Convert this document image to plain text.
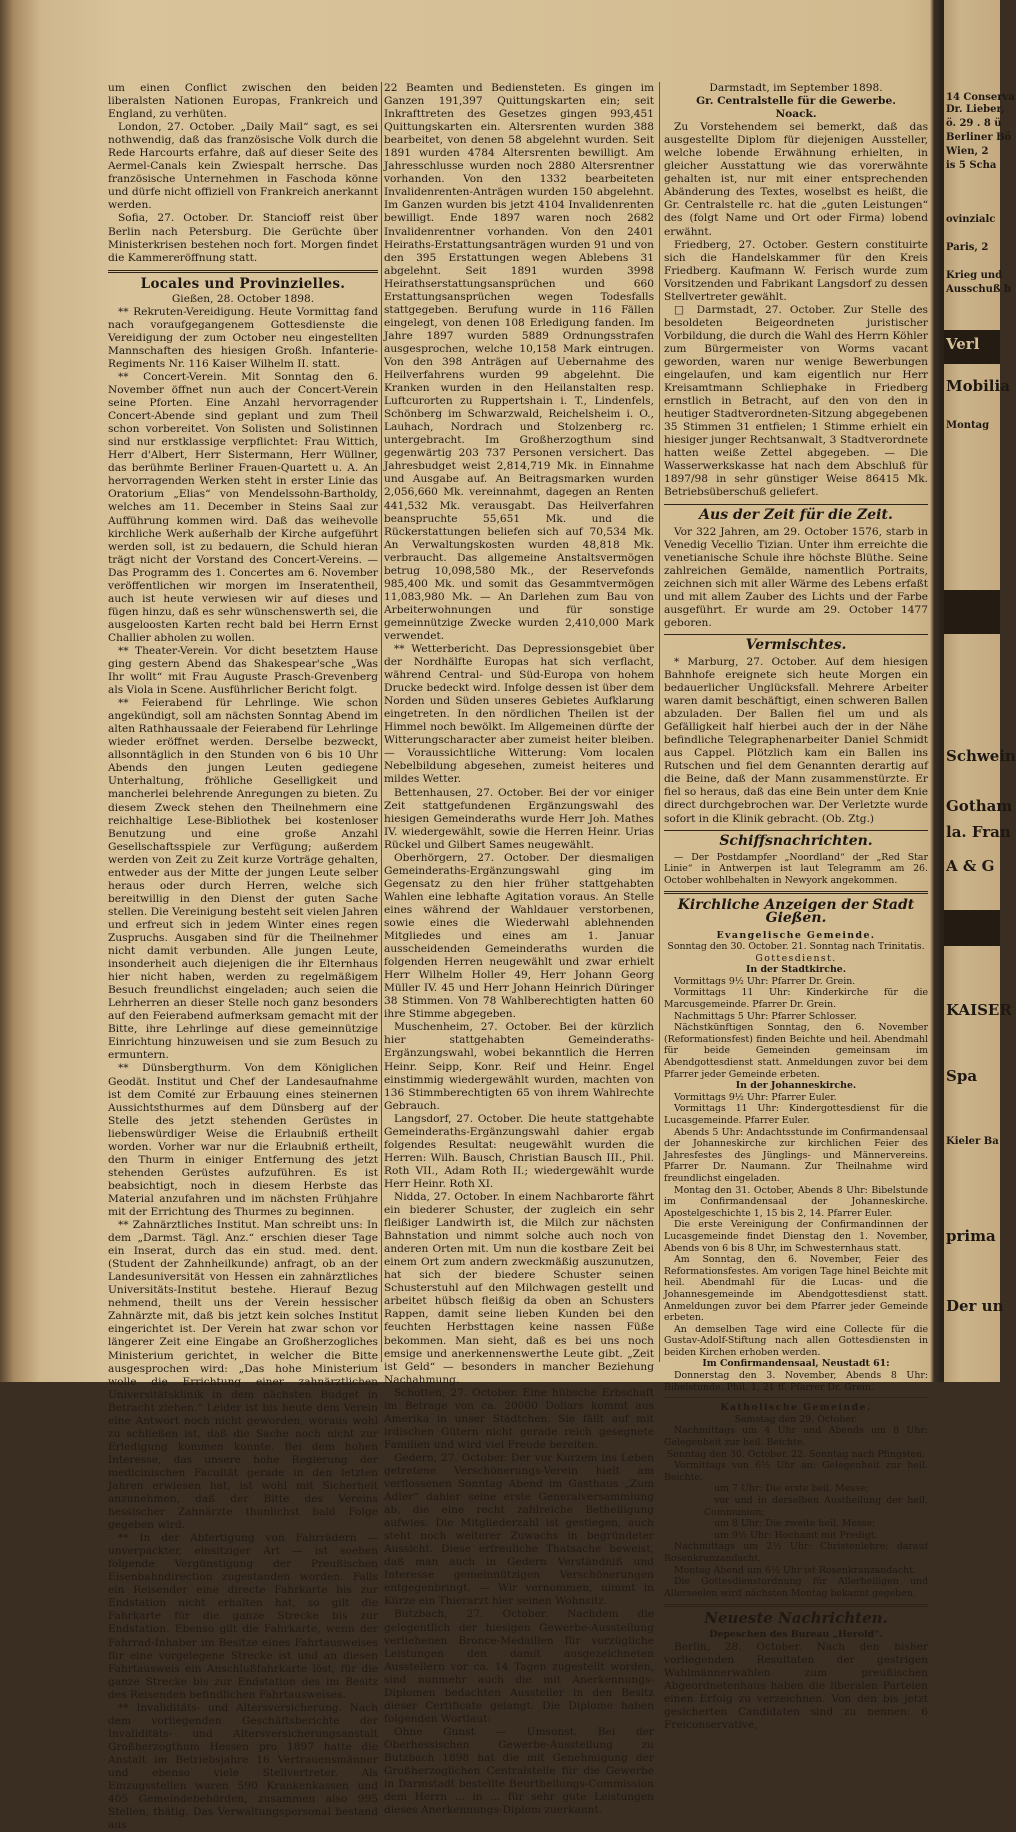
um einen Conflict zwischen den beiden liberalsten Nationen Europas, Frankreich und England, zu verhüten.

London, 27. October. „Daily Mail“ sagt, es sei nothwendig, daß das französische Volk durch die Rede Harcourts erfahre, daß auf dieser Seite des Aermel-Canals kein Zwiespalt herrsche. Das französische Unternehmen in Faschoda könne und dürfe nicht offiziell von Frankreich anerkannt werden.

Sofia, 27. October. Dr. Stancioff reist über Berlin nach Petersburg. Die Gerüchte über Ministerkrisen bestehen noch fort. Morgen findet die Kammereröffnung statt.

Locales und Provinzielles.

Gießen, 28. October 1898.

** Rekruten-Vereidigung. Heute Vormittag fand nach voraufgegangenem Gottesdienste die Vereidigung der zum October neu eingestellten Mannschaften des hiesigen Großh. Infanterie-Regiments Nr. 116 Kaiser Wilhelm II. statt.

** Concert-Verein. Mit Sonntag den 6. November öffnet nun auch der Concert-Verein seine Pforten. Eine Anzahl hervorragender Concert-Abende sind geplant und zum Theil schon vorbereitet. Von Solisten und Solistinnen sind nur erstklassige verpflichtet: Frau Wittich, Herr d'Albert, Herr Sistermann, Herr Wüllner, das berühmte Berliner Frauen-Quartett u. A. An hervorragenden Werken steht in erster Linie das Oratorium „Elias“ von Mendelssohn-Bartholdy, welches am 11. December in Steins Saal zur Aufführung kommen wird. Daß das weihevolle kirchliche Werk außerhalb der Kirche aufgeführt werden soll, ist zu bedauern, die Schuld hieran trägt nicht der Vorstand des Concert-Vereins. — Das Programm des 1. Concertes am 6. November veröffentlichen wir morgen im Inseratentheil, auch ist heute verwiesen wir auf dieses und fügen hinzu, daß es sehr wünschenswerth sei, die ausgeloosten Karten recht bald bei Herrn Ernst Challier abholen zu wollen.

** Theater-Verein. Vor dicht besetztem Hause ging gestern Abend das Shakespear'sche „Was Ihr wollt“ mit Frau Auguste Prasch-Grevenberg als Viola in Scene. Ausführlicher Bericht folgt.

** Feierabend für Lehrlinge. Wie schon angekündigt, soll am nächsten Sonntag Abend im alten Rathhaussaale der Feierabend für Lehrlinge wieder eröffnet werden. Derselbe bezweckt, allsonntäglich in den Stunden von 6 bis 10 Uhr Abends den jungen Leuten gediegene Unterhaltung, fröhliche Geselligkeit und mancherlei belehrende Anregungen zu bieten. Zu diesem Zweck stehen den Theilnehmern eine reichhaltige Lese-Bibliothek bei kostenloser Benutzung und eine große Anzahl Gesellschaftsspiele zur Verfügung; außerdem werden von Zeit zu Zeit kurze Vorträge gehalten, entweder aus der Mitte der jungen Leute selber heraus oder durch Herren, welche sich bereitwillig in den Dienst der guten Sache stellen. Die Vereinigung besteht seit vielen Jahren und erfreut sich in jedem Winter eines regen Zuspruchs. Ausgaben sind für die Theilnehmer nicht damit verbunden. Alle jungen Leute, insonderheit auch diejenigen die ihr Elternhaus hier nicht haben, werden zu regelmäßigem Besuch freundlichst eingeladen; auch seien die Lehrherren an dieser Stelle noch ganz besonders auf den Feierabend aufmerksam gemacht mit der Bitte, ihre Lehrlinge auf diese gemeinnützige Einrichtung hinzuweisen und sie zum Besuch zu ermuntern.

** Dünsbergthurm. Von dem Königlichen Geodät. Institut und Chef der Landesaufnahme ist dem Comité zur Erbauung eines steinernen Aussichtsthurmes auf dem Dünsberg auf der Stelle des jetzt stehenden Gerüstes in liebenswürdiger Weise die Erlaubniß ertheilt worden. Vorher war nur die Erlaubniß ertheilt, den Thurm in einiger Entfernung des jetzt stehenden Gerüstes aufzuführen. Es ist beabsichtigt, noch in diesem Herbste das Material anzufahren und im nächsten Frühjahre mit der Errichtung des Thurmes zu beginnen.

** Zahnärztliches Institut. Man schreibt uns: In dem „Darmst. Tägl. Anz.“ erschien dieser Tage ein Inserat, durch das ein stud. med. dent. (Student der Zahnheilkunde) anfragt, ob an der Landesuniversität von Hessen ein zahnärztliches Universitäts-Institut bestehe. Hierauf Bezug nehmend, theilt uns der Verein hessischer Zahnärzte mit, daß bis jetzt kein solches Institut eingerichtet ist. Der Verein hat zwar schon vor längerer Zeit eine Eingabe an Großherzogliches Ministerium gerichtet, in welcher die Bitte ausgesprochen wird: „Das hohe Ministerium wolle die Errichtung einer zahnärztlichen Universitätsklinik in dem nächsten Budget in Betracht ziehen.“ Leider ist bis heute dem Verein eine Antwort noch nicht geworden, woraus wohl zu schließen ist, daß die Sache noch nicht zur Erledigung kommen konnte. Bei dem hohen Interesse, das unsere hohe Regierung der medicinischen Facultät gerade in den letzten Jahren erwiesen hat, ist wohl mit Sicherheit anzunehmen, daß der Bitte des Vereins hessischer Zahnärzte thunlichst bald Folge gegeben wird.

** In der Abfertigung von Fahrrädern — unverpackter, einsitziger Art — ist soeben folgende Vergünstigung der Preußischen Eisenbahndirection zugestanden worden. Falls ein Reisender eine directe Fahrkarte bis zur Endstation nicht erhalten hat, so gilt die Fahrkarte für die ganze Strecke bis zur Endstation. Ebenso gilt die Fahrkarte, wenn der Fahrrad-Inhaber im Besitze eines Fahrtausweises für eine vorgelegene Strecke ist und an diesen Fahrtausweis ein Anschlußfahrkarte löst, für die ganze Strecke bis zur Endstation des im Besitz des Reisenden befindlichen Fahrtausweises.

** Invaliditäts- und Altersversicherung. Nach dem vorliegenden Geschäftsberichte der Invaliditäts- und Altersversicherungsanstalt Großherzogthum Hessen pro 1897 hatte die Anstalt im Betriebsjahre 16 Vertrauensmänner und ebenso viele Stellvertreter. Als Einzugsstellen waren 590 Krankenkassen und 405 Gemeindebehörden, zusammen also 995 Stellen, thätig. Das Verwaltungspersonal bestand aus

22 Beamten und Bediensteten. Es gingen im Ganzen 191,397 Quittungskarten ein; seit Inkrafttreten des Gesetzes gingen 993,451 Quittungskarten ein. Altersrenten wurden 388 bearbeitet, von denen 58 abgelehnt wurden. Seit 1891 wurden 4784 Altersrenten bewilligt. Am Jahresschlusse wurden noch 2880 Altersrentner vorhanden. Von den 1332 bearbeiteten Invalidenrenten-Anträgen wurden 150 abgelehnt. Im Ganzen wurden bis jetzt 4104 Invalidenrenten bewilligt. Ende 1897 waren noch 2682 Invalidenrentner vorhanden. Von den 2401 Heiraths-Erstattungsanträgen wurden 91 und von den 395 Erstattungen wegen Ablebens 31 abgelehnt. Seit 1891 wurden 3998 Heirathserstattungsansprüchen und 660 Erstattungsansprüchen wegen Todesfalls stattgegeben. Berufung wurde in 116 Fällen eingelegt, von denen 108 Erledigung fanden. Im Jahre 1897 wurden 5889 Ordnungsstrafen ausgesprochen, welche 10,158 Mark eintrugen. Von den 398 Anträgen auf Uebernahme des Heilverfahrens wurden 99 abgelehnt. Die Kranken wurden in den Heilanstalten resp. Luftcurorten zu Ruppertshain i. T., Lindenfels, Schönberg im Schwarzwald, Reichelsheim i. O., Lauhach, Nordrach und Stolzenberg rc. untergebracht. Im Großherzogthum sind gegenwärtig 203 737 Personen versichert. Das Jahresbudget weist 2,814,719 Mk. in Einnahme und Ausgabe auf. An Beitragsmarken wurden 2,056,660 Mk. vereinnahmt, dagegen an Renten 441,532 Mk. verausgabt. Das Heilverfahren beanspruchte 55,651 Mk. und die Rückerstattungen beliefen sich auf 70,534 Mk. An Verwaltungskosten wurden 48,818 Mk. verbraucht. Das allgemeine Anstaltsvermögen betrug 10,098,580 Mk., der Reservefonds 985,400 Mk. und somit das Gesammtvermögen 11,083,980 Mk. — An Darlehen zum Bau von Arbeiterwohnungen und für sonstige gemeinnützige Zwecke wurden 2,410,000 Mark verwendet.

** Wetterbericht. Das Depressionsgebiet über der Nordhälfte Europas hat sich verflacht, während Central- und Süd-Europa von hohem Drucke bedeckt wird. Infolge dessen ist über dem Norden und Süden unseres Gebietes Aufklarung eingetreten. In den nördlichen Theilen ist der Himmel noch bewölkt. Im Allgemeinen dürfte der Witterungscharacter aber zumeist heiter bleiben. — Voraussichtliche Witterung: Vom localen Nebelbildung abgesehen, zumeist heiteres und mildes Wetter.

Bettenhausen, 27. October. Bei der vor einiger Zeit stattgefundenen Ergänzungswahl des hiesigen Gemeinderaths wurde Herr Joh. Mathes IV. wiedergewählt, sowie die Herren Heinr. Urias Rückel und Gilbert Sames neugewählt.

Oberhörgern, 27. October. Der diesmaligen Gemeinderaths-Ergänzungswahl ging im Gegensatz zu den hier früher stattgehabten Wahlen eine lebhafte Agitation voraus. An Stelle eines während der Wahldauer verstorbenen, sowie eines die Wiederwahl ablehnenden Mitgliedes und eines am 1. Januar ausscheidenden Gemeinderaths wurden die folgenden Herren neugewählt und zwar erhielt Herr Wilhelm Holler 49, Herr Johann Georg Müller IV. 45 und Herr Johann Heinrich Düringer 38 Stimmen. Von 78 Wahlberechtigten hatten 60 ihre Stimme abgegeben.

Muschenheim, 27. October. Bei der kürzlich hier stattgehabten Gemeinderaths-Ergänzungswahl, wobei bekanntlich die Herren Heinr. Seipp, Konr. Reif und Heinr. Engel einstimmig wiedergewählt wurden, machten von 136 Stimmberechtigten 65 von ihrem Wahlrechte Gebrauch.

Langsdorf, 27. October. Die heute stattgehabte Gemeinderaths-Ergänzungswahl dahier ergab folgendes Resultat: neugewählt wurden die Herren: Wilh. Bausch, Christian Bausch III., Phil. Roth VII., Adam Roth II.; wiedergewählt wurde Herr Heinr. Roth XI.

Nidda, 27. October. In einem Nachbarorte fährt ein biederer Schuster, der zugleich ein sehr fleißiger Landwirth ist, die Milch zur nächsten Bahnstation und nimmt solche auch noch von anderen Orten mit. Um nun die kostbare Zeit bei einem Ort zum andern zweckmäßig auszunutzen, hat sich der biedere Schuster seinen Schusterstuhl auf den Milchwagen gestellt und arbeitet hübsch fleißig da oben an Schusters Rappen, damit seine lieben Kunden bei den feuchten Herbsttagen keine nassen Füße bekommen. Man sieht, daß es bei uns noch emsige und anerkennenswerthe Leute gibt. „Zeit ist Geld“ — besonders in mancher Beziehung Nachahmung.

Schotten, 27. October. Eine hübsche Erbschaft im Betrage von ca. 20000 Dollars kommt aus Amerika in unser Städtchen. Sie fällt auf mit irdischen Gütern nicht gerade reich gesegnete Familien und wird viel Freude bereiten.

Gedern, 27. October. Der vor Kurzem ins Leben getretene Verschönerungs-Verein hielt am verflossenen Sonntag Abend im Gasthaus „Zum Adler“ dahier seine erste Generalversammlung ab, die eine recht zahlreiche Betheiligung aufwies. Die Mitgliederzahl ist gestiegen, auch steht noch weiterer Zuwachs in begründeter Aussicht. Diese erfreuliche Thatsache beweist, daß man auch in Gedern Verständniß und Interesse gemeinnützigen Verschönerungen entgegenbringt. — Wir vernommen, nimmt in Kürze ein Thierarzt hier seinen Wohnsitz.

Butzbach, 27. October. Nachdem die gelegentlich der hiesigen Gewerbe-Ausstellung verliehenen Bronce-Medaillen für vorzügliche Leistungen den damit ausgezeichneten Ausstellern vor ca. 14 Tagen zugestellt worden, sind nunmehr auch die mit Anerkennungs-Diplomen bedachten Aussteller in den Besitz dieser Certificate gelangt. Die Diplome haben folgenden Wortlaut:

Ohne Gunst — Umsonst. Bei der Oberhessischen Gewerbe-Ausstellung zu Butzbach 1898 hat die mit Genehmigung der Großherzoglichen Centralstelle für die Gewerbe in Darmstadt bestellte Beurtheilungs-Commission dem Herrn ... in ... für sehr gute Leistungen dieses Anerkennungs-Diplom zuerkannt.

Darmstadt, im September 1898.

Gr. Centralstelle für die Gewerbe.

Noack.

Zu Vorstehendem sei bemerkt, daß das ausgestellte Diplom für diejenigen Aussteller, welche lobende Erwähnung erhielten, in gleicher Ausstattung wie das vorerwähnte gehalten ist, nur mit einer entsprechenden Abänderung des Textes, woselbst es heißt, die Gr. Centralstelle rc. hat die „guten Leistungen“ des (folgt Name und Ort oder Firma) lobend erwähnt.

Friedberg, 27. October. Gestern constituirte sich die Handelskammer für den Kreis Friedberg. Kaufmann W. Ferisch wurde zum Vorsitzenden und Fabrikant Langsdorf zu dessen Stellvertreter gewählt.

□ Darmstadt, 27. October. Zur Stelle des besoldeten Beigeordneten juristischer Vorbildung, die durch die Wahl des Herrn Köhler zum Bürgermeister von Worms vacant geworden, waren nur wenige Bewerbungen eingelaufen, und kam eigentlich nur Herr Kreisamtmann Schliephake in Friedberg ernstlich in Betracht, auf den von den in heutiger Stadtverordneten-Sitzung abgegebenen 35 Stimmen 31 entfielen; 1 Stimme erhielt ein hiesiger junger Rechtsanwalt, 3 Stadtverordnete hatten weiße Zettel abgegeben. — Die Wasserwerkskasse hat nach dem Abschluß für 1897/98 in sehr günstiger Weise 86415 Mk. Betriebsüberschuß geliefert.

Aus der Zeit für die Zeit.

Vor 322 Jahren, am 29. October 1576, starb in Venedig Vecellio Tizian. Unter ihm erreichte die venetianische Schule ihre höchste Blüthe. Seine zahlreichen Gemälde, namentlich Portraits, zeichnen sich mit aller Wärme des Lebens erfaßt und mit allem Zauber des Lichts und der Farbe ausgeführt. Er wurde am 29. October 1477 geboren.

Vermischtes.

* Marburg, 27. October. Auf dem hiesigen Bahnhofe ereignete sich heute Morgen ein bedauerlicher Unglücksfall. Mehrere Arbeiter waren damit beschäftigt, einen schweren Ballen abzuladen. Der Ballen fiel um und als Gefälligkeit half hierbei auch der in der Nähe befindliche Telegraphenarbeiter Daniel Schmidt aus Cappel. Plötzlich kam ein Ballen ins Rutschen und fiel dem Genannten derartig auf die Beine, daß der Mann zusammenstürzte. Er fiel so heraus, daß das eine Bein unter dem Knie direct durchgebrochen war. Der Verletzte wurde sofort in die Klinik gebracht. (Ob. Ztg.)

Schiffsnachrichten.

— Der Postdampfer „Noordland“ der „Red Star Linie“ in Antwerpen ist laut Telegramm am 26. October wohlbehalten in Newyork angekommen.

Kirchliche Anzeigen der Stadt Gießen.

Evangelische Gemeinde.

Sonntag den 30. October. 21. Sonntag nach Trinitatis.

Gottesdienst.

In der Stadtkirche.

Vormittags 9½ Uhr: Pfarrer Dr. Grein.

Vormittags 11 Uhr: Kinderkirche für die Marcusgemeinde. Pfarrer Dr. Grein.

Nachmittags 5 Uhr: Pfarrer Schlosser.

Nächstkünftigen Sonntag, den 6. November (Reformationsfest) finden Beichte und heil. Abendmahl für beide Gemeinden gemeinsam im Abendgottesdienst statt. Anmeldungen zuvor bei dem Pfarrer jeder Gemeinde erbeten.

In der Johanneskirche.

Vormittags 9½ Uhr: Pfarrer Euler.

Vormittags 11 Uhr: Kindergottesdienst für die Lucasgemeinde. Pfarrer Euler.

Abends 5 Uhr: Andachtsstunde im Confirmandensaal der Johanneskirche zur kirchlichen Feier des Jahresfestes des Jünglings- und Männervereins. Pfarrer Dr. Naumann. Zur Theilnahme wird freundlichst eingeladen.

Montag den 31. October, Abends 8 Uhr: Bibelstunde im Confirmandensaal der Johanneskirche. Apostelgeschichte 1, 15 bis 2, 14. Pfarrer Euler.

Die erste Vereinigung der Confirmandinnen der Lucasgemeinde findet Dienstag den 1. November, Abends von 6 bis 8 Uhr, im Schwesternhaus statt.

Am Sonntag, den 6. November, Feier des Reformationsfestes. Am vorigen Tage hinel Beichte mit heil. Abendmahl für die Lucas- und die Johannesgemeinde im Abendgottesdienst statt. Anmeldungen zuvor bei dem Pfarrer jeder Gemeinde erbeten.

An demselben Tage wird eine Collecte für die Gustav-Adolf-Stiftung nach allen Gottesdiensten in beiden Kirchen erhoben werden.

Im Confirmandensaal, Neustadt 61:

Donnerstag den 3. November, Abends 8 Uhr: Bibelstunde. Phil. 1, 21 ff. Pfarrer Dr. Grein.

Katholische Gemeinde.

Samstag den 29. October.

Nachmittags um 4 Uhr und Abends um 8 Uhr: Gelegenheit zur heil. Beichte.

Sonntag den 30. October. 22. Sonntag nach Pfingsten.

Vormittags von 6½ Uhr an: Gelegenheit zur heil. Beichte.

um 7 Uhr: Die erste heil. Messe;

vor und in derselben Austheilung der heil. Communion;

um 8 Uhr: Die zweite heil. Messe;

um 9½ Uhr: Hochamt mit Predigt.

Nachmittags um 2½ Uhr: Christenlehre; darauf Rosenkranzandacht.

Montag Abend um 6½ Uhr ist Rosenkranzandacht.

Die Gottesdienstordnung für Allerheiligen und Allerseelen wird nächsten Montag bekannt gegeben.

Neueste Nachrichten.

Depeschen des Bureau „Herold“.

Berlin, 28. October. Nach den bisher vorliegenden Resultaten der gestrigen Wahlmännerwahlen zum preußischen Abgeordnetenhaus haben die liberalen Parteien einen Erfolg zu verzeichnen. Von den bis jetzt gesicherten Candidaten sind zu nennen: 6 Freiconservative,

14 Conserva
Dr. Lieber,
ö. 29 . 8 ü
Berliner Bö
Wien, 2
is 5 Scha
ovinzialc
Paris, 2
Krieg und
Ausschuß b
Verl
Mobilia
Montag
Schwein
Gotham
la. Fran
A & G
KAISER
Spa
Kieler Ba
prima
Der un
